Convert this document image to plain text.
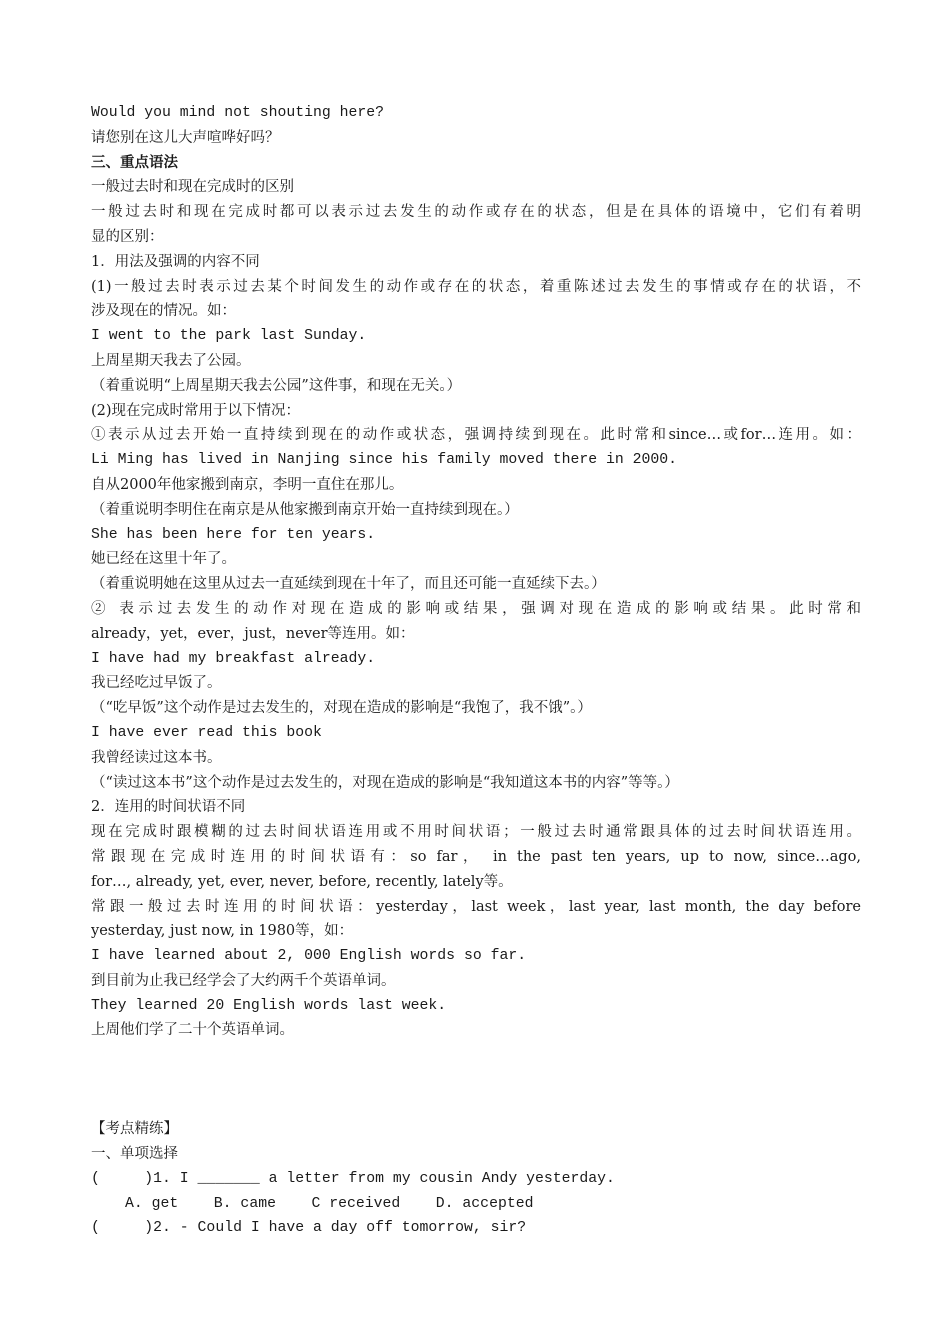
Would you mind not shouting here?
请您别在这儿大声喧哗好吗？
三、重点语法
一般过去时和现在完成时的区别
一般过去时和现在完成时都可以表示过去发生的动作或存在的状态，但是在具体的语境中，它们有着明
显的区别：
1．用法及强调的内容不同
(1)一般过去时表示过去某个时间发生的动作或存在的状态，着重陈述过去发生的事情或存在的状语，不
涉及现在的情况。如：
I went to the park last Sunday.
上周星期天我去了公园。
（着重说明“上周星期天我去公园”这件事，和现在无关。）
(2)现在完成时常用于以下情况：
①表示从过去开始一直持续到现在的动作或状态，强调持续到现在。此时常和since…或for…连用。如：
Li Ming has lived in Nanjing since his family moved there in 2000.
自从2000年他家搬到南京，李明一直住在那儿。
（着重说明李明住在南京是从他家搬到南京开始一直持续到现在。）
She has been here for ten years.
她已经在这里十年了。
（着重说明她在这里从过去一直延续到现在十年了，而且还可能一直延续下去。）
② 表示过去发生的动作对现在造成的影响或结果，强调对现在造成的影响或结果。此时常和
already，yet，ever，just，never等连用。如：
I have had my breakfast already.
我已经吃过早饭了。
（“吃早饭”这个动作是过去发生的，对现在造成的影响是“我饱了，我不饿”。）
I have ever read this book
我曾经读过这本书。
（“读过这本书”这个动作是过去发生的，对现在造成的影响是“我知道这本书的内容”等等。）
2．连用的时间状语不同
现在完成时跟模糊的过去时间状语连用或不用时间状语；一般过去时通常跟具体的过去时间状语连用。
常跟现在完成时连用的时间状语有：so far， in the past ten years, up to now, since…ago,
for…, already, yet, ever, never, before, recently, lately等。
常跟一般过去时连用的时间状语：yesterday，last week，last year, last month, the day before
yesterday, just now, in 1980等，如：
I have learned about 2, 000 English words so far.
到目前为止我已经学会了大约两千个英语单词。
They learned 20 English words last week.
上周他们学了二十个英语单词。
【考点精练】
一、单项选择
(     )1. I _______ a letter from my cousin Andy yesterday.
A. get    B. came    C received    D. accepted
(     )2. - Could I have a day off tomorrow, sir?
